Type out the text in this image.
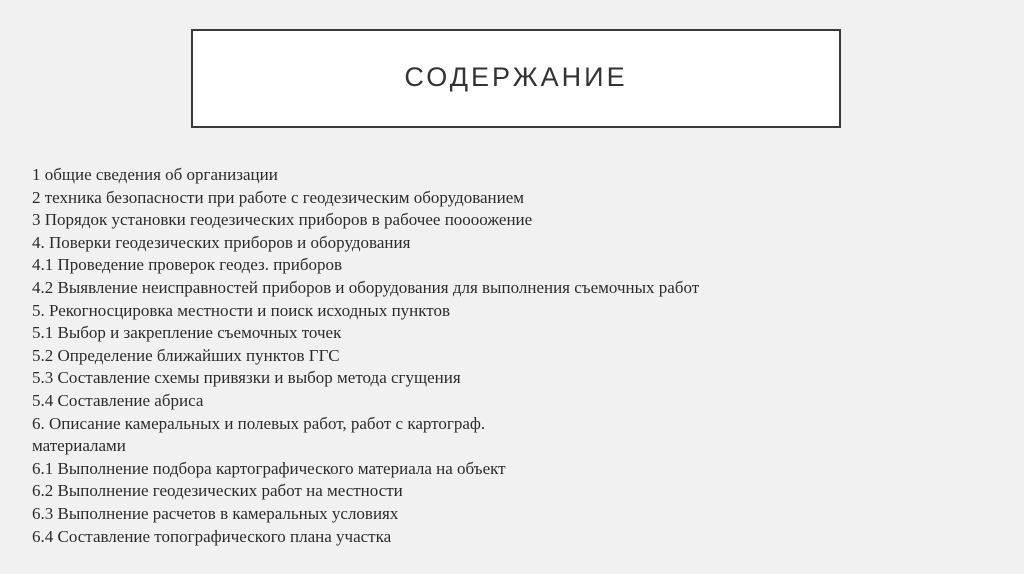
СОДЕРЖАНИЕ
1 общие сведения об организации
2 техника безопасности при работе с геодезическим оборудованием
3 Порядок установки геодезических приборов в рабочее поооожение
4. Поверки геодезических приборов и оборудования
4.1 Проведение проверок геодез. приборов
4.2 Выявление неисправностей приборов и оборудования для выполнения съемочных работ
5. Рекогносцировка местности и поиск исходных пунктов
5.1 Выбор и закрепление съемочных точек
5.2 Определение ближайших пунктов ГГС
5.3 Составление схемы привязки и выбор метода сгущения
5.4 Составление абриса
6. Описание камеральных и полевых работ, работ с картограф.
материалами
6.1 Выполнение подбора картографического материала на объект
6.2 Выполнение геодезических работ на местности
6.3 Выполнение расчетов в камеральных условиях
6.4 Составление топографического плана участка
